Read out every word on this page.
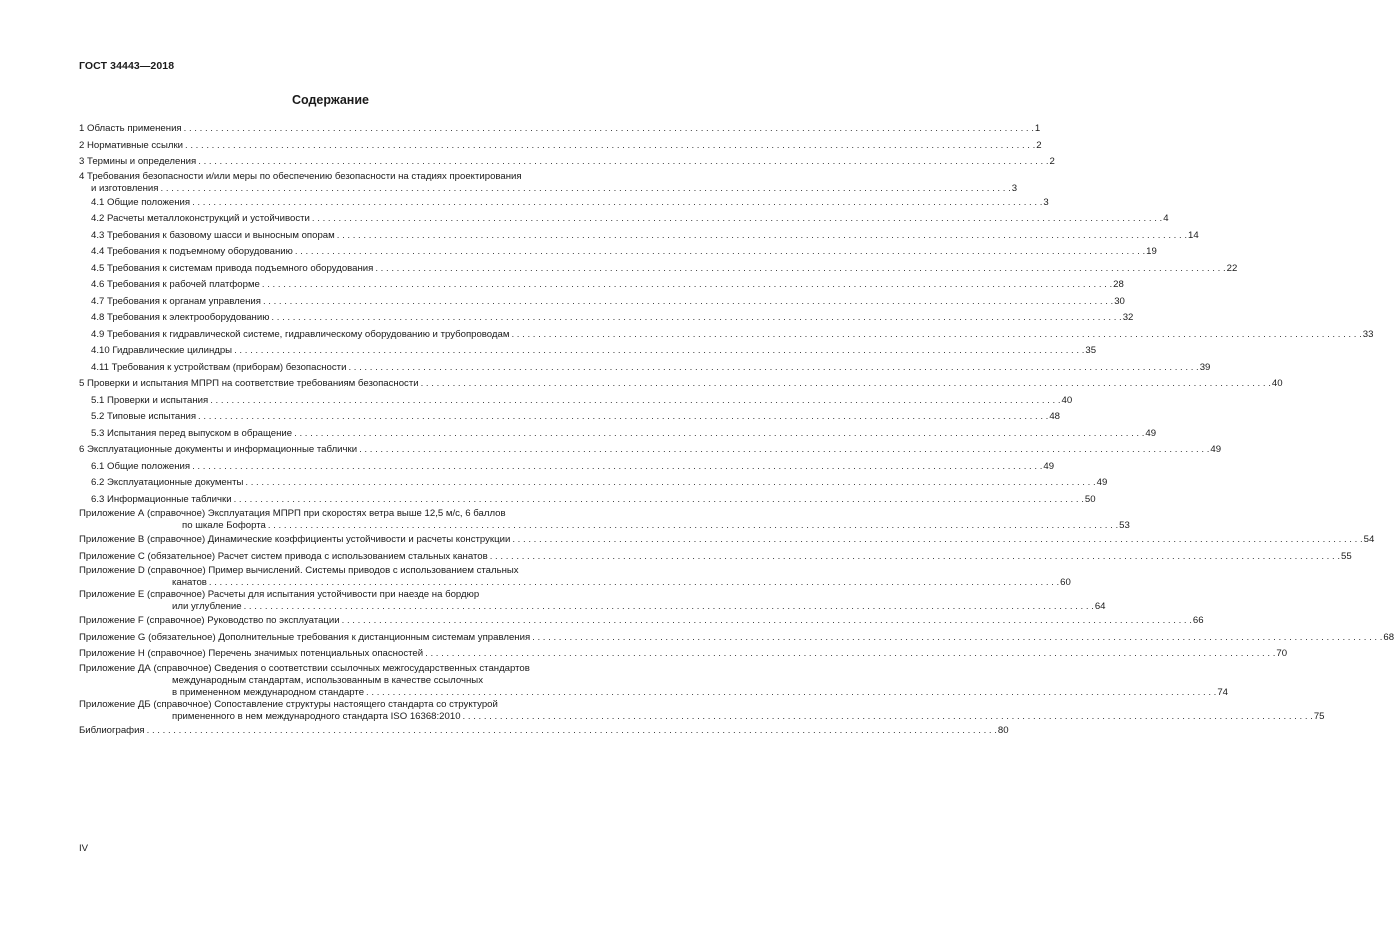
ГОСТ 34443—2018
Содержание
1 Область применения . . .	1
2 Нормативные ссылки . . .	2
3 Термины и определения . . .	2
4 Требования безопасности и/или меры по обеспечению безопасности на стадиях проектирования
и изготовления . . .	3
4.1 Общие положения . . .	3
4.2 Расчеты металлоконструкций и устойчивости . . .	4
4.3 Требования к базовому шасси и выносным опорам . . .	14
4.4 Требования к подъемному оборудованию . . .	19
4.5 Требования к системам привода подъемного оборудования . . .	22
4.6 Требования к рабочей платформе . . .	28
4.7 Требования к органам управления . . .	30
4.8 Требования к электрооборудованию . . .	32
4.9 Требования к гидравлической системе, гидравлическому оборудованию и трубопроводам . . .	33
4.10 Гидравлические цилиндры . . .	35
4.11 Требования к устройствам (приборам) безопасности . . .	39
5 Проверки и испытания МПРП на соответствие требованиям безопасности . . .	40
5.1 Проверки и испытания . . .	40
5.2 Типовые испытания . . .	48
5.3 Испытания перед выпуском в обращение . . .	49
6 Эксплуатационные документы и информационные таблички . . .	49
6.1 Общие положения . . .	49
6.2 Эксплуатационные документы . . .	49
6.3 Информационные таблички . . .	50
Приложение А (справочное) Эксплуатация МПРП при скоростях ветра выше 12,5 м/с, 6 баллов
по шкале Бофорта . . .	53
Приложение B (справочное) Динамические коэффициенты устойчивости и расчеты конструкции . . .	54
Приложение C (обязательное) Расчет систем привода с использованием стальных канатов . . .	55
Приложение D (справочное) Пример вычислений. Системы приводов с использованием стальных
канатов . . .	60
Приложение E (справочное) Расчеты для испытания устойчивости при наезде на бордюр
или углубление . . .	64
Приложение F (справочное) Руководство по эксплуатации . . .	66
Приложение G (обязательное) Дополнительные требования к дистанционным системам управления . . .	68
Приложение H (справочное) Перечень значимых потенциальных опасностей . . .	70
Приложение ДА (справочное) Сведения о соответствии ссылочных межгосударственных стандартов
международным стандартам, использованным в качестве ссылочных
в примененном международном стандарте . . .	74
Приложение ДБ (справочное) Сопоставление структуры настоящего стандарта со структурой
примененного в нем международного стандарта ISO 16368:2010 . . .	75
Библиография . . .	80
IV
